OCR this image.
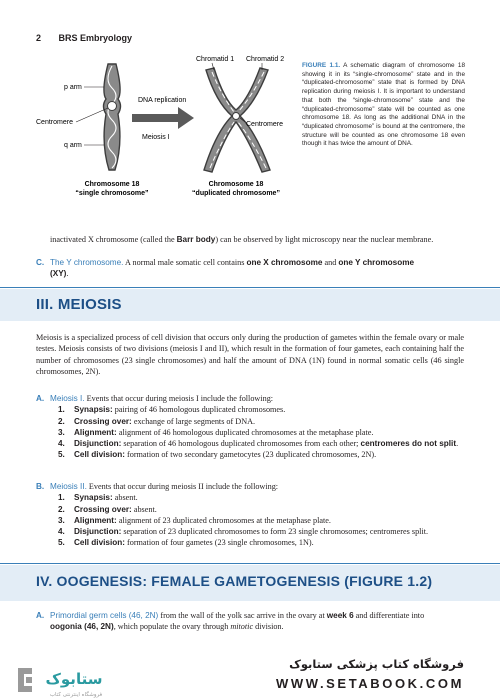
2 BRS Embryology
p arm
Centromere
q arm
DNA replication
Meiosis I
Chromatid 1 Chromatid 2
Centromere
Chromosome 18
“single chromosome”
Chromosome 18
“duplicated chromosome”
FIGURE 1.1. A schematic diagram of chromosome 18 showing it in its “single-chromosome” state and in the “duplicated-chromosome” state that is formed by DNA replication during meiosis I. It is important to understand that both the “single-chromosome” state and the “duplicated-chromosome” state will be counted as one chromosome 18. As long as the additional DNA in the “duplicated chromosome” is bound at the centromere, the structure will be counted as one chromosome 18 even though it has twice the amount of DNA.
inactivated X chromosome (called the Barr body) can be observed by light microscopy near the nuclear membrane.
C. The Y chromosome. A normal male somatic cell contains one X chromosome and one Y chromosome
(XY).
III. MEIOSIS
Meiosis is a specialized process of cell division that occurs only during the production of gametes within the female ovary or male testes. Meiosis consists of two divisions (meiosis I and II), which result in the formation of four gametes, each containing half the number of chromosomes (23 single chromosomes) and half the amount of DNA (1N) found in normal somatic cells (46 single chromosomes, 2N).
A. Meiosis I. Events that occur during meiosis I include the following:
1.	Synapsis: pairing of 46 homologous duplicated chromosomes.
2.	Crossing over: exchange of large segments of DNA.
3.	Alignment: alignment of 46 homologous duplicated chromosomes at the metaphase plate.
4.	Disjunction: separation of 46 homologous duplicated chromosomes from each other; centromeres do not split.
5.	Cell division: formation of two secondary gametocytes (23 duplicated chromosomes, 2N).
B. Meiosis II. Events that occur during meiosis II include the following:
1.	Synapsis: absent.
2.	Crossing over: absent.
3.	Alignment: alignment of 23 duplicated chromosomes at the metaphase plate.
4.	Disjunction: separation of 23 duplicated chromosomes to form 23 single chromosomes; centromeres split.
5.	Cell division: formation of four gametes (23 single chromosomes, 1N).
IV. OOGENESIS: FEMALE GAMETOGENESIS (FIGURE 1.2)
A. Primordial germ cells (46, 2N) from the wall of the yolk sac arrive in the ovary at week 6 and differentiate into
oogonia (46, 2N), which populate the ovary through mitotic division.
ستابوک
فروشگاه اینترنتی کتاب
فروشگاه کتاب پزشکی ستابوک
WWW.SETABOOK.COM
